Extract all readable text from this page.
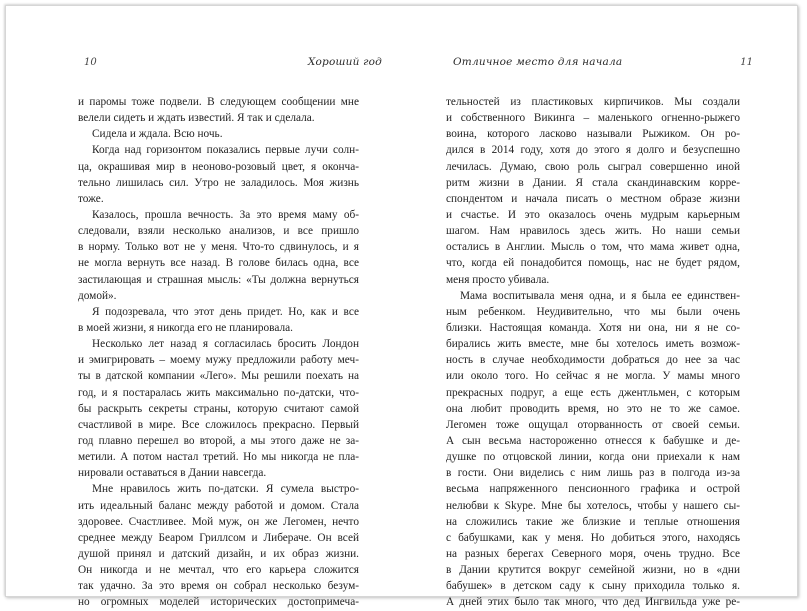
10	Хороший год
и паромы тоже подвели. В следующем сообщении мне
велели сидеть и ждать известий. Я так и сделала.
Сидела и ждала. Всю ночь.
Когда над горизонтом показались первые лучи солн-
ца, окрашивая мир в неоново-розовый цвет, я оконча-
тельно лишилась сил. Утро не заладилось. Моя жизнь
тоже.
Казалось, прошла вечность. За это время маму об-
следовали, взяли несколько анализов, и все пришло
в норму. Только вот не у меня. Что-то сдвинулось, и я
не могла вернуть все назад. В голове билась одна, все
застилающая и страшная мысль: «Ты должна вернуться
домой».
Я подозревала, что этот день придет. Но, как и все
в моей жизни, я никогда его не планировала.
Несколько лет назад я согласилась бросить Лондон
и эмигрировать – моему мужу предложили работу меч-
ты в датской компании «Лего». Мы решили поехать на
год, и я постаралась жить максимально по-датски, что-
бы раскрыть секреты страны, которую считают самой
счастливой в мире. Все сложилось прекрасно. Первый
год плавно перешел во второй, а мы этого даже не за-
метили. А потом настал третий. Но мы никогда не пла-
нировали оставаться в Дании навсегда.
Мне нравилось жить по-датски. Я сумела выстро-
ить идеальный баланс между работой и домом. Стала
здоровее. Счастливее. Мой муж, он же Легомен, нечто
среднее между Беаром Гриллсом и Либераче. Он всей
душой принял и датский дизайн, и их образ жизни.
Он никогда и не мечтал, что его карьера сложится
так удачно. За это время он собрал несколько безум-
но огромных моделей исторических достопримеча-
Отличное место для начала	11
тельностей из пластиковых кирпичиков. Мы создали
и собственного Викинга – маленького огненно-рыжего
воина, которого ласково называли Рыжиком. Он ро-
дился в 2014 году, хотя до этого я долго и безуспешно
лечилась. Думаю, свою роль сыграл совершенно иной
ритм жизни в Дании. Я стала скандинавским корре-
спондентом и начала писать о местном образе жизни
и счастье. И это оказалось очень мудрым карьерным
шагом. Нам нравилось здесь жить. Но наши семьи
остались в Англии. Мысль о том, что мама живет одна,
что, когда ей понадобится помощь, нас не будет рядом,
меня просто убивала.
Мама воспитывала меня одна, и я была ее единствен-
ным ребенком. Неудивительно, что мы были очень
близки. Настоящая команда. Хотя ни она, ни я не со-
бирались жить вместе, мне бы хотелось иметь возмож-
ность в случае необходимости добраться до нее за час
или около того. Но сейчас я не могла. У мамы много
прекрасных подруг, а еще есть джентльмен, с которым
она любит проводить время, но это не то же самое.
Легомен тоже ощущал оторванность от своей семьи.
А сын весьма настороженно отнесся к бабушке и де-
душке по отцовской линии, когда они приехали к нам
в гости. Они виделись с ним лишь раз в полгода из-за
весьма напряженного пенсионного графика и острой
нелюбви к Skype. Мне бы хотелось, чтобы у нашего сы-
на сложились такие же близкие и теплые отношения
с бабушками, как у меня. Но добиться этого, находясь
на разных берегах Северного моря, очень трудно. Все
в Дании крутится вокруг семейной жизни, но в «дни
бабушек» в детском саду к сыну приходила только я.
А дней этих было так много, что дед Ингвильда уже ре-
